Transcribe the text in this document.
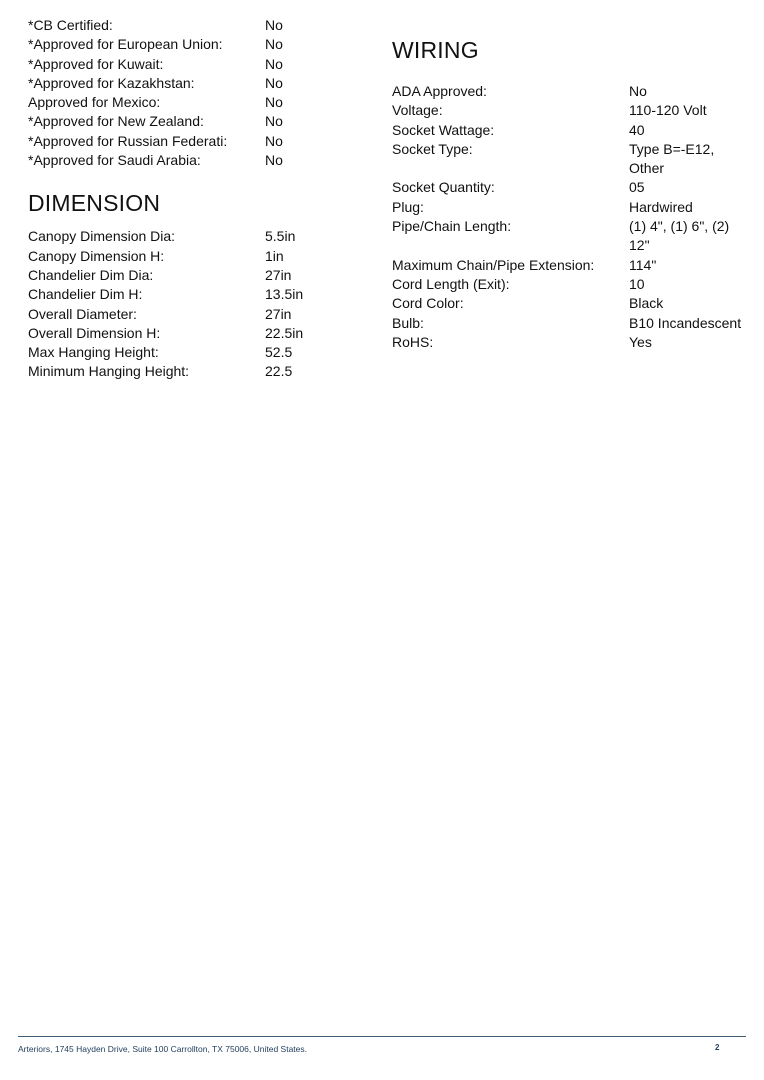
*CB Certified:	No
*Approved for European Union:	No
*Approved for Kuwait:	No
*Approved for Kazakhstan:	No
Approved for Mexico:	No
*Approved for New Zealand:	No
*Approved for Russian Federati:	No
*Approved for Saudi Arabia:	No
DIMENSION
Canopy Dimension Dia:	5.5in
Canopy Dimension H:	1in
Chandelier Dim Dia:	27in
Chandelier Dim H:	13.5in
Overall Diameter:	27in
Overall Dimension H:	22.5in
Max Hanging Height:	52.5
Minimum Hanging Height:	22.5
WIRING
ADA Approved:	No
Voltage:	110-120 Volt
Socket Wattage:	40
Socket Type:	Type B=-E12, Other
Socket Quantity:	05
Plug:	Hardwired
Pipe/Chain Length:	(1) 4", (1) 6", (2) 12"
Maximum Chain/Pipe Extension:	114"
Cord Length (Exit):	10
Cord Color:	Black
Bulb:	B10 Incandescent
RoHS:	Yes
Arteriors, 1745 Hayden Drive, Suite 100 Carrollton, TX 75006, United States.	2
